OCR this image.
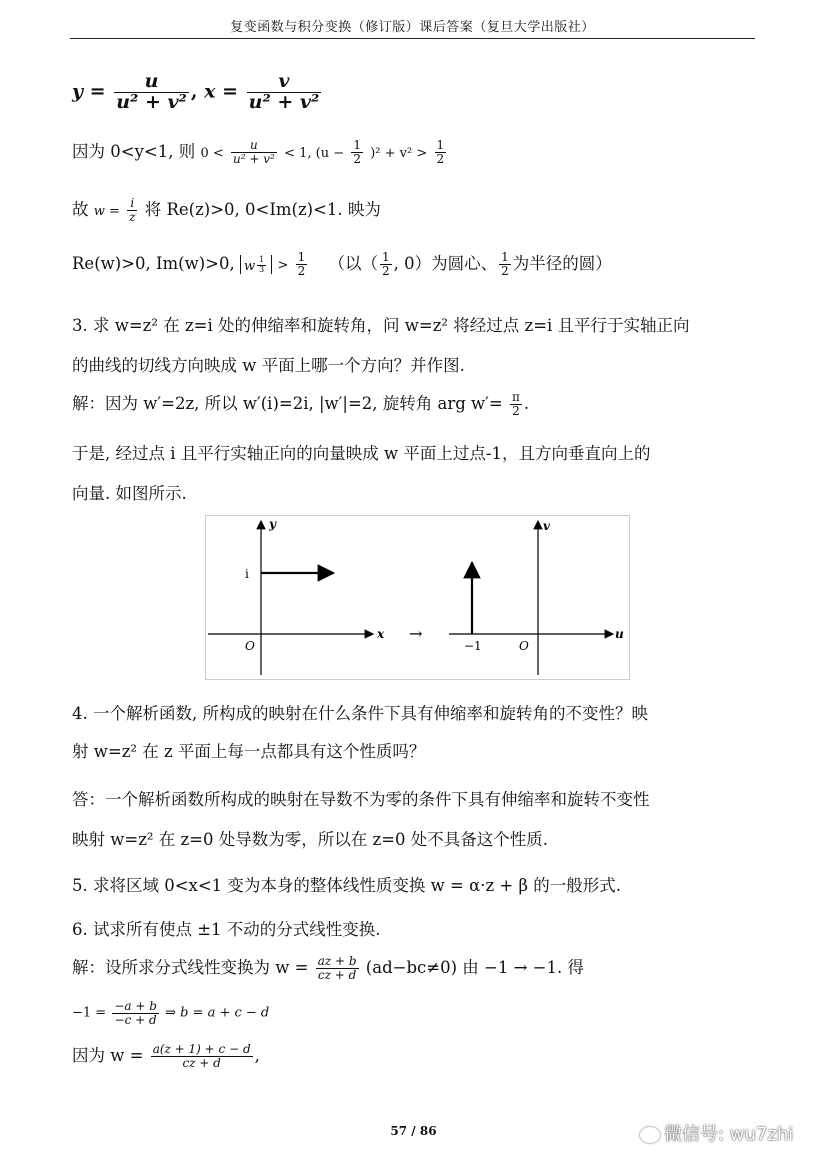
复变函数与积分变换（修订版）课后答案（复旦大学出版社）
$y = \frac{u}{\text{u² + v²}}$ , $x = \frac{v}{\text{u² + v²}}$
因为 0<y<1, 则 $0 < \frac{u}{\text{u² + v²}} < 1$, $(u - \frac{1}{2} )^2 + v^2 > \frac{1}{2}$
故 $w = \frac{i}{z}$ 将 Re(z)>0, 0<Im(z)<1. 映为
Re(w)>0, Im(w)>0, w $\frac{1}{3} > \frac{1}{2}$ （以（ $\frac{1}{2}$ , 0）为圆心、 $\frac{1}{2}$ 为半径的圆）
3. 求 w=z² 在 z=i 处的伸缩率和旋转角，问 w=z² 将经过点 z=i 且平行于实轴正向
的曲线的切线方向映成 w 平面上哪一个方向？并作图.
解：因为 w′=2z, 所以 w′(i)=2i, |w′|=2, 旋转角 arg $w'= \frac{\pi}{2}$ .
于是, 经过点 i 且平行实轴正向的向量映成 w 平面上过点-1，且方向垂直向上的
向量. 如图所示.
y
x
i
O
→
v
u
−1	O
4. 一个解析函数, 所构成的映射在什么条件下具有伸缩率和旋转角的不变性？映
射 w=z² 在 z 平面上每一点都具有这个性质吗？
答：一个解析函数所构成的映射在导数不为零的条件下具有伸缩率和旋转不变性
映射 w=z² 在 z=0 处导数为零，所以在 z=0 处不具备这个性质.
5. 求将区域 0<x<1 变为本身的整体线性质变换 w = α·z + β 的一般形式.
6. 试求所有使点 ±1 不动的分式线性变换.
解：设所求分式线性变换为 $w = \frac{az + b}{cz + d} (ad-bc\ne 0)$ 由 −1 → −1. 得
$-1 = \frac{-a + b}{-c + d}$ ⇒ b = a + c − d
因为 $w = \frac{a(z + 1) + c - d}{cz + d}$ ,
57 / 86	微信号: wu7zhi
